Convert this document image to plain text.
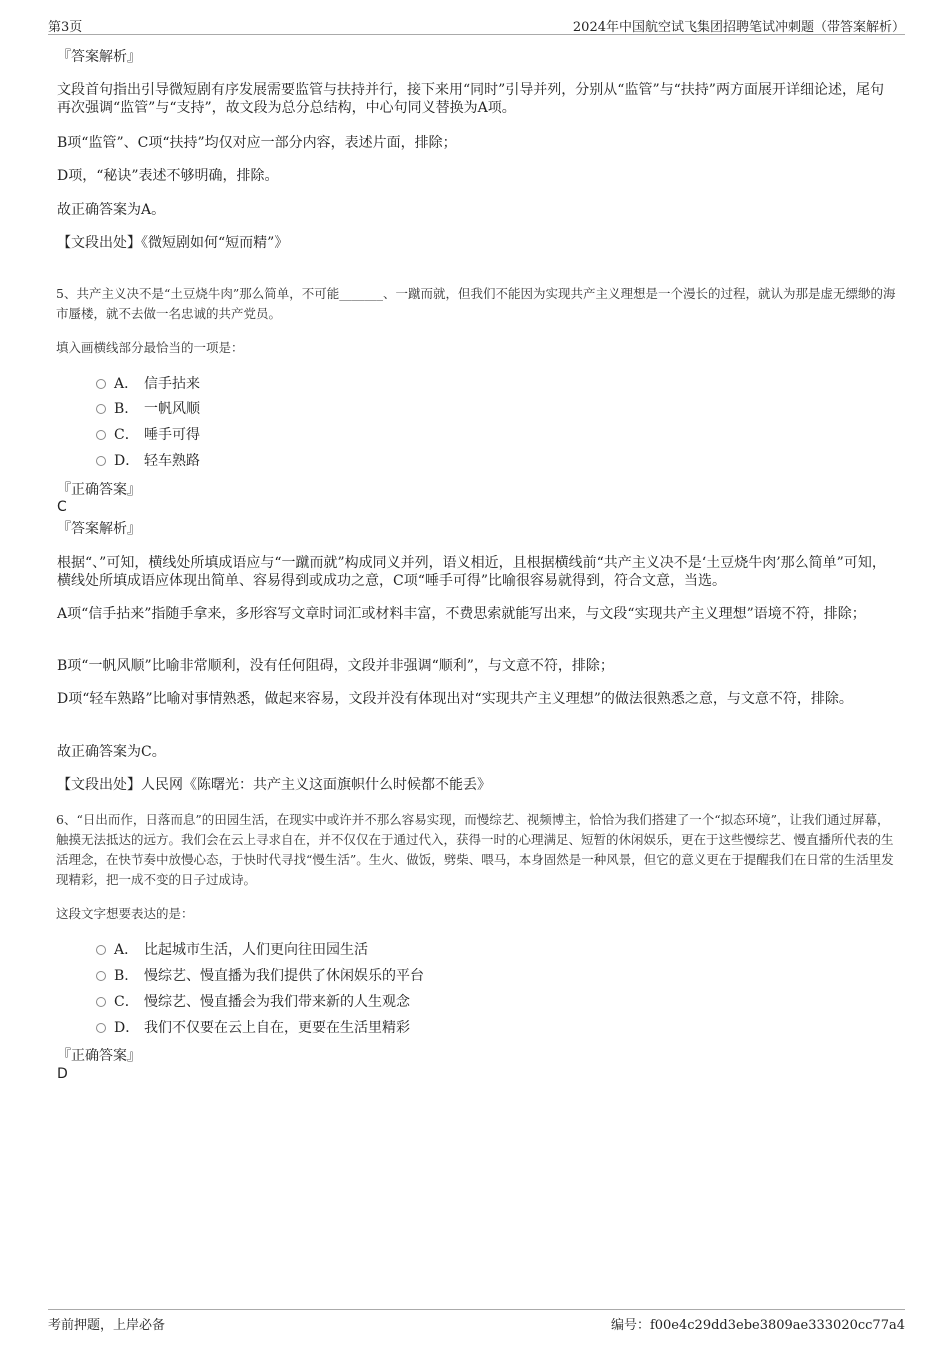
第3页	2024年中国航空试飞集团招聘笔试冲刺题（带答案解析）
『答案解析』
文段首句指出引导微短剧有序发展需要监管与扶持并行，接下来用“同时”引导并列，分别从“监管”与“扶持”两方面展开详细论述，尾句再次强调“监管”与“支持”，故文段为总分总结构，中心句同义替换为A项。
B项“监管”、C项“扶持”均仅对应一部分内容，表述片面，排除；
D项，“秘诀”表述不够明确，排除。
故正确答案为A。
【文段出处】《微短剧如何“短而精”》
5、共产主义决不是“土豆烧牛肉”那么简单，不可能_______、一蹴而就，但我们不能因为实现共产主义理想是一个漫长的过程，就认为那是虚无缥缈的海市蜃楼，就不去做一名忠诚的共产党员。
填入画横线部分最恰当的一项是：
A． 信手拈来
B. 一帆风顺
C． 唾手可得
D． 轻车熟路
『正确答案』
C
『答案解析』
根据“、”可知，横线处所填成语应与“一蹴而就”构成同义并列，语义相近，且根据横线前“共产主义决不是‘土豆烧牛肉’那么简单”可知，横线处所填成语应体现出简单、容易得到或成功之意，C项“唾手可得”比喻很容易就得到，符合文意，当选。
A项“信手拈来”指随手拿来，多形容写文章时词汇或材料丰富，不费思索就能写出来，与文段“实现共产主义理想”语境不符，排除；
B项“一帆风顺”比喻非常顺利，没有任何阻碍，文段并非强调“顺利”，与文意不符，排除；
D项“轻车熟路”比喻对事情熟悉，做起来容易，文段并没有体现出对“实现共产主义理想”的做法很熟悉之意，与文意不符，排除。
故正确答案为C。
【文段出处】人民网《陈曙光：共产主义这面旗帜什么时候都不能丢》
6、“日出而作，日落而息”的田园生活，在现实中或许并不那么容易实现，而慢综艺、视频博主，恰恰为我们搭建了一个“拟态环境”，让我们通过屏幕，触摸无法抵达的远方。我们会在云上寻求自在，并不仅仅在于通过代入，获得一时的心理满足、短暂的休闲娱乐，更在于这些慢综艺、慢直播所代表的生活理念，在快节奏中放慢心态，于快时代寻找“慢生活”。生火、做饭，劈柴、喂马，本身固然是一种风景，但它的意义更在于提醒我们在日常的生活里发现精彩，把一成不变的日子过成诗。
这段文字想要表达的是：
A． 比起城市生活，人们更向往田园生活
B. 慢综艺、慢直播为我们提供了休闲娱乐的平台
C． 慢综艺、慢直播会为我们带来新的人生观念
D． 我们不仅要在云上自在，更要在生活里精彩
『正确答案』
D
考前押题，上岸必备	编号：f00e4c29dd3ebe3809ae333020cc77a4
